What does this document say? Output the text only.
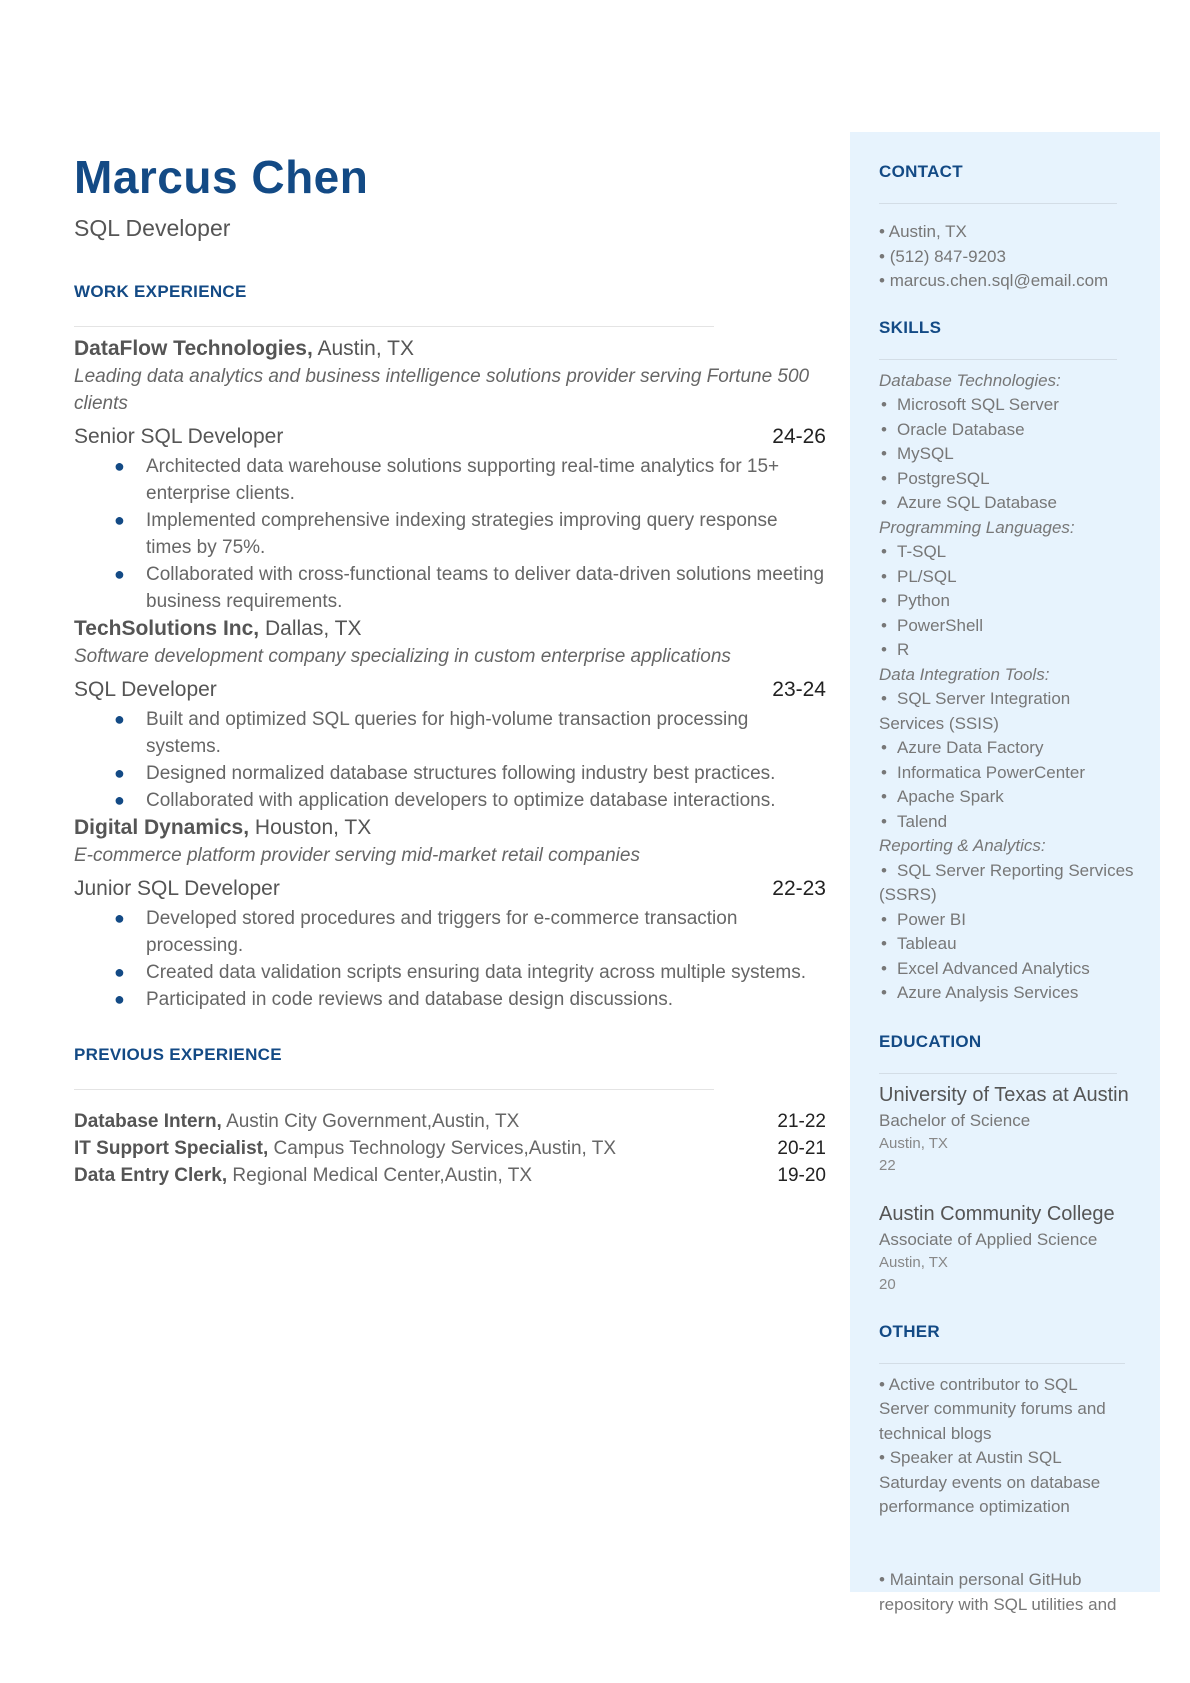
Marcus Chen
SQL Developer
WORK EXPERIENCE
DataFlow Technologies, Austin, TX
Leading data analytics and business intelligence solutions provider serving Fortune 500 clients
Senior SQL Developer	24-26
● Architected data warehouse solutions supporting real-time analytics for 15+ enterprise clients.
● Implemented comprehensive indexing strategies improving query response times by 75%.
● Collaborated with cross-functional teams to deliver data-driven solutions meeting business requirements.
TechSolutions Inc, Dallas, TX
Software development company specializing in custom enterprise applications
SQL Developer	23-24
● Built and optimized SQL queries for high-volume transaction processing systems.
● Designed normalized database structures following industry best practices.
● Collaborated with application developers to optimize database interactions.
Digital Dynamics, Houston, TX
E-commerce platform provider serving mid-market retail companies
Junior SQL Developer	22-23
● Developed stored procedures and triggers for e-commerce transaction processing.
● Created data validation scripts ensuring data integrity across multiple systems.
● Participated in code reviews and database design discussions.
PREVIOUS EXPERIENCE
Database Intern, Austin City Government,Austin, TX	21-22
IT Support Specialist, Campus Technology Services,Austin, TX	20-21
Data Entry Clerk, Regional Medical Center,Austin, TX	19-20
CONTACT
• Austin, TX
• (512) 847-9203
• marcus.chen.sql@email.com
SKILLS
Database Technologies:
• Microsoft SQL Server
• Oracle Database
• MySQL
• PostgreSQL
• Azure SQL Database
Programming Languages:
• T-SQL
• PL/SQL
• Python
• PowerShell
• R
Data Integration Tools:
• SQL Server Integration Services (SSIS)
• Azure Data Factory
• Informatica PowerCenter
• Apache Spark
• Talend
Reporting & Analytics:
• SQL Server Reporting Services (SSRS)
• Power BI
• Tableau
• Excel Advanced Analytics
• Azure Analysis Services
EDUCATION
University of Texas at Austin
Bachelor of Science
Austin, TX
22
Austin Community College
Associate of Applied Science
Austin, TX
20
OTHER
• Active contributor to SQL Server community forums and technical blogs
• Speaker at Austin SQL Saturday events on database performance optimization
• Maintain personal GitHub repository with SQL utilities and
